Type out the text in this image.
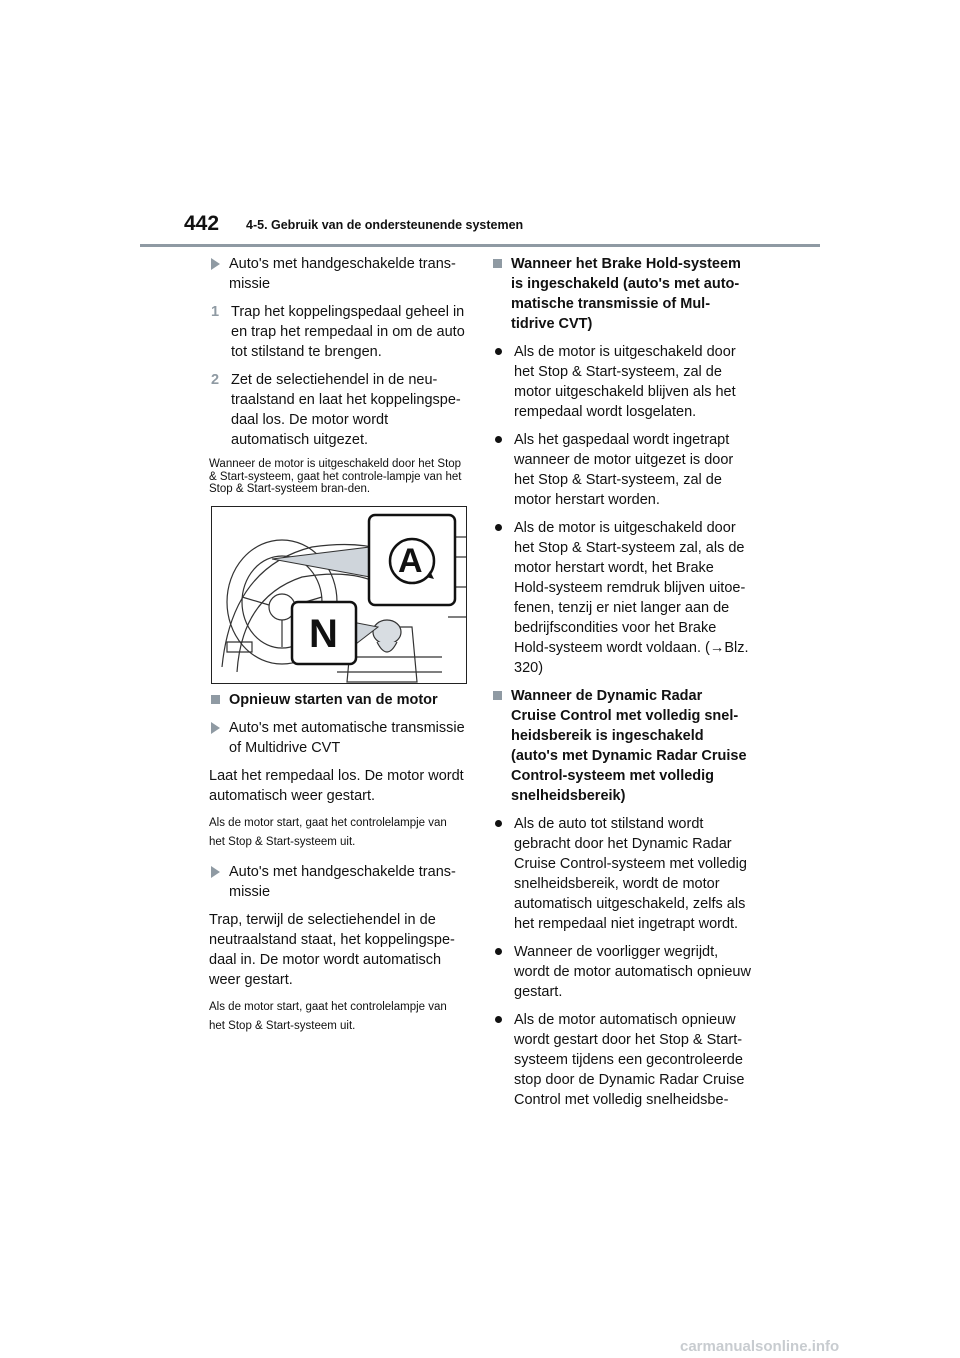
442 4-5. Gebruik van de ondersteunende systemen
Auto's met handgeschakelde trans-missie
1 Trap het koppelingspedaal geheel in en trap het rempedaal in om de auto tot stilstand te brengen.
2 Zet de selectiehendel in de neu-traalstand en laat het koppelingspe-daal los. De motor wordt automatisch uitgezet.
Wanneer de motor is uitgeschakeld door het Stop & Start-systeem, gaat het controle-lampje van het Stop & Start-systeem bran-den.
A
N
Opnieuw starten van de motor
Auto's met automatische transmissie of Multidrive CVT
Laat het rempedaal los. De motor wordt automatisch weer gestart.
Als de motor start, gaat het controlelampje van het Stop & Start-systeem uit.
Auto's met handgeschakelde trans-missie
Trap, terwijl de selectiehendel in de neutraalstand staat, het koppelingspe-daal in. De motor wordt automatisch weer gestart.
Als de motor start, gaat het controlelampje van het Stop & Start-systeem uit.
Wanneer het Brake Hold-systeem is ingeschakeld (auto's met auto-matische transmissie of Mul-tidrive CVT)
Als de motor is uitgeschakeld door het Stop & Start-systeem, zal de motor uitgeschakeld blijven als het rempedaal wordt losgelaten.
Als het gaspedaal wordt ingetrapt wanneer de motor uitgezet is door het Stop & Start-systeem, zal de motor herstart worden.
Als de motor is uitgeschakeld door het Stop & Start-systeem zal, als de motor herstart wordt, het Brake Hold-systeem remdruk blijven uitoe-fenen, tenzij er niet langer aan de bedrijfscondities voor het Brake Hold-systeem wordt voldaan. (→Blz. 320)
Wanneer de Dynamic Radar Cruise Control met volledig snel-heidsbereik is ingeschakeld (auto's met Dynamic Radar Cruise Control-systeem met volledig snelheidsbereik)
Als de auto tot stilstand wordt gebracht door het Dynamic Radar Cruise Control-systeem met volledig snelheidsbereik, wordt de motor automatisch uitgeschakeld, zelfs als het rempedaal niet ingetrapt wordt.
Wanneer de voorligger wegrijdt, wordt de motor automatisch opnieuw gestart.
Als de motor automatisch opnieuw wordt gestart door het Stop & Start-systeem tijdens een gecontroleerde stop door de Dynamic Radar Cruise Control met volledig snelheidsbe-
carmanualsonline.info
